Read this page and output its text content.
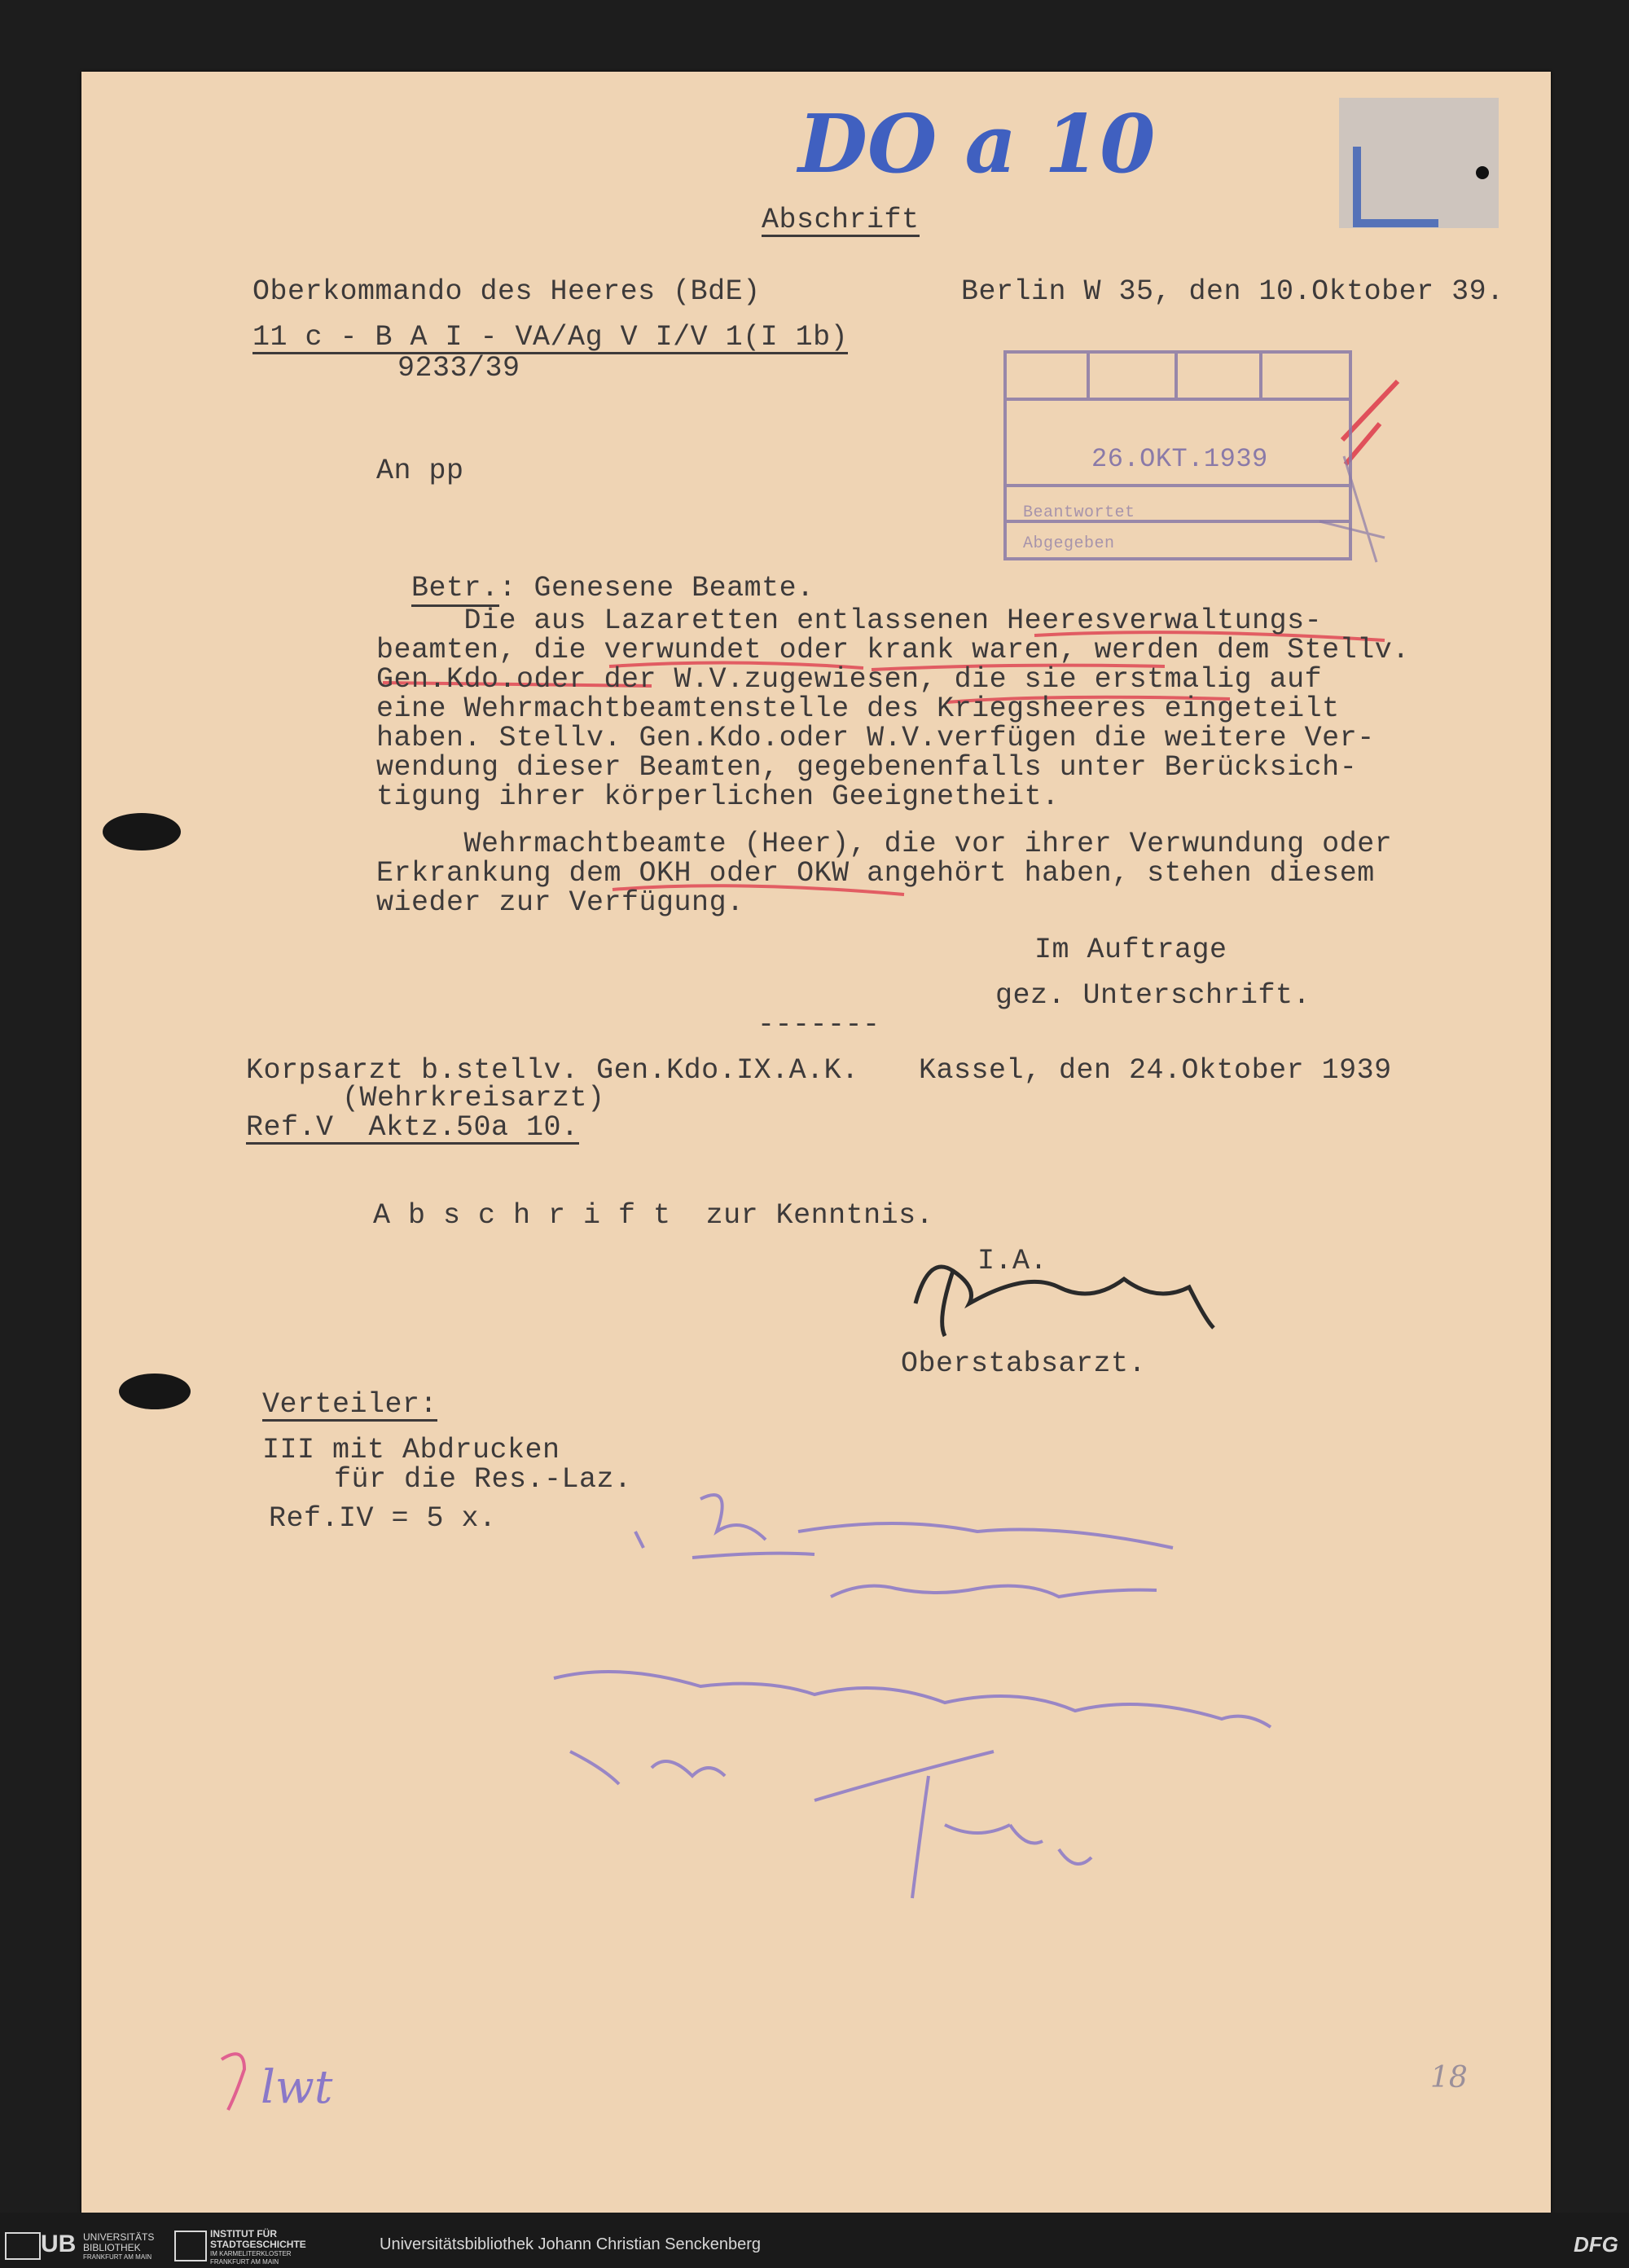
DO a 10
Abschrift
Oberkommando des Heeres (BdE)	Berlin W 35, den 10.Oktober 39.
11 c - B A I - VA/Ag V I/V 1(I 1b)
9233/39
26.OKT.1939
Beantwortet
Abgegeben
An pp

Betr.: Genesene Beamte.

Die aus Lazaretten entlassenen Heeresverwaltungs-
beamten, die verwundet oder krank waren, werden dem Stellv.
Gen.Kdo.oder der W.V.zugewiesen, die sie erstmalig auf
eine Wehrmachtbeamtenstelle des Kriegsheeres eingeteilt
haben. Stellv. Gen.Kdo.oder W.V.verfügen die weitere Ver-
wendung dieser Beamten, gegebenenfalls unter Berücksich-
tigung ihrer körperlichen Geeignetheit.
Wehrmachtbeamte (Heer), die vor ihrer Verwundung oder
Erkrankung dem OKH oder OKW angehört haben, stehen diesem
wieder zur Verfügung.
Im Auftrage
gez. Unterschrift.
-------
Korpsarzt b.stellv. Gen.Kdo.IX.A.K. Kassel, den 24.Oktober 1939
(Wehrkreisarzt)
Ref.V  Aktz.50a 10.
A b s c h r i f t  zur Kenntnis.
I.A.
Oberstabsarzt.
Verteiler:
III mit Abdrucken
für die Res.-Laz.
Ref.IV = 5 x.
18
lwt
UB UNIVERSITÄTS BIBLIOTHEK
FRANKFURT AM MAIN
INSTITUT FÜR STADTGESCHICHTE
IM KARMELITERKLOSTER
FRANKFURT AM MAIN
Universitätsbibliothek Johann Christian Senckenberg	DFG
